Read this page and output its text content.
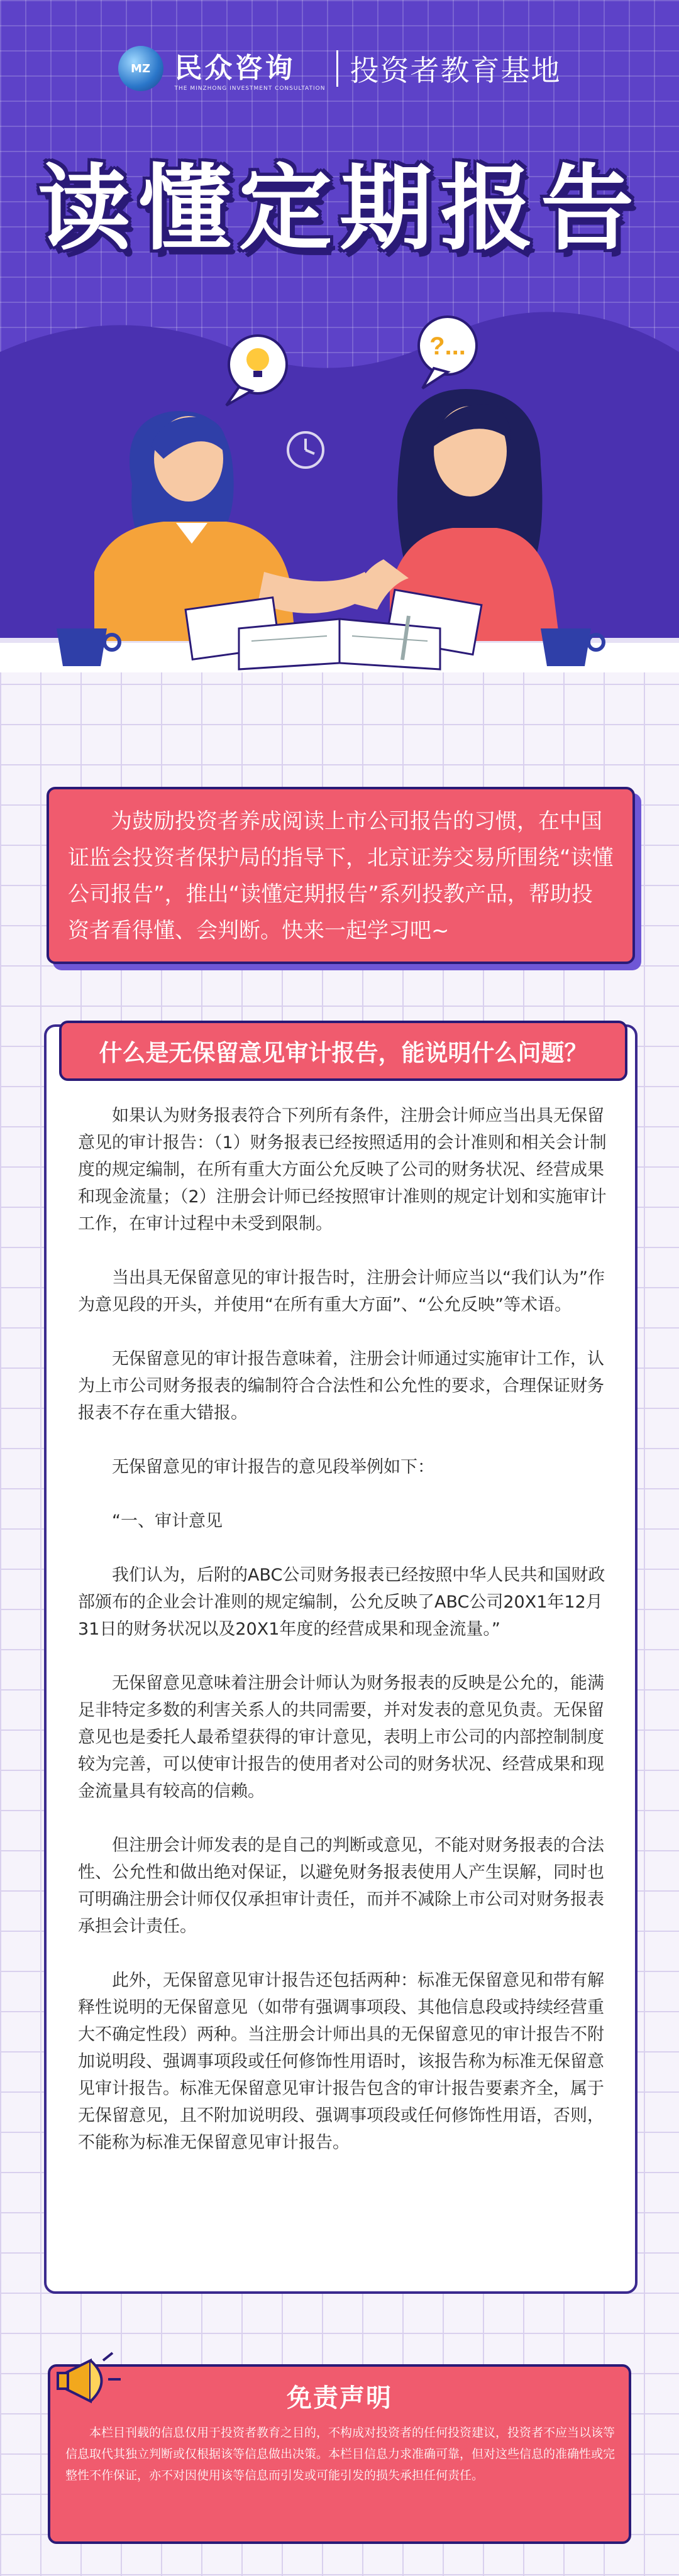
MZ 民众咨询
THE MINZHONG INVESTMENT CONSULTATION
投资者教育基地
读懂定期报告
?...

为鼓励投资者养成阅读上市公司报告的习惯，在中国证监会投资者保护局的指导下，北京证券交易所围绕“读懂公司报告”，推出“读懂定期报告”系列投教产品，帮助投资者看得懂、会判断。快来一起学习吧~

什么是无保留意见审计报告，能说明什么问题？

如果认为财务报表符合下列所有条件，注册会计师应当出具无保留意见的审计报告：（1）财务报表已经按照适用的会计准则和相关会计制度的规定编制，在所有重大方面公允反映了公司的财务状况、经营成果和现金流量；（2）注册会计师已经按照审计准则的规定计划和实施审计工作，在审计过程中未受到限制。

当出具无保留意见的审计报告时，注册会计师应当以“我们认为”作为意见段的开头，并使用“在所有重大方面”、“公允反映”等术语。

无保留意见的审计报告意味着，注册会计师通过实施审计工作，认为上市公司财务报表的编制符合合法性和公允性的要求，合理保证财务报表不存在重大错报。

无保留意见的审计报告的意见段举例如下：

“一、审计意见

我们认为，后附的ABC公司财务报表已经按照中华人民共和国财政部颁布的企业会计准则的规定编制，公允反映了ABC公司20X1年12月31日的财务状况以及20X1年度的经营成果和现金流量。”

无保留意见意味着注册会计师认为财务报表的反映是公允的，能满足非特定多数的利害关系人的共同需要，并对发表的意见负责。无保留意见也是委托人最希望获得的审计意见，表明上市公司的内部控制制度较为完善，可以使审计报告的使用者对公司的财务状况、经营成果和现金流量具有较高的信赖。

但注册会计师发表的是自己的判断或意见，不能对财务报表的合法性、公允性和做出绝对保证，以避免财务报表使用人产生误解，同时也可明确注册会计师仅仅承担审计责任，而并不减除上市公司对财务报表承担会计责任。

此外，无保留意见审计报告还包括两种：标准无保留意见和带有解释性说明的无保留意见（如带有强调事项段、其他信息段或持续经营重大不确定性段）两种。当注册会计师出具的无保留意见的审计报告不附加说明段、强调事项段或任何修饰性用语时，该报告称为标准无保留意见审计报告。标准无保留意见审计报告包含的审计报告要素齐全，属于无保留意见，且不附加说明段、强调事项段或任何修饰性用语，否则，不能称为标准无保留意见审计报告。

免责声明
本栏目刊载的信息仅用于投资者教育之目的，不构成对投资者的任何投资建议，投资者不应当以该等信息取代其独立判断或仅根据该等信息做出决策。本栏目信息力求准确可靠，但对这些信息的准确性或完整性不作保证，亦不对因使用该等信息而引发或可能引发的损失承担任何责任。
